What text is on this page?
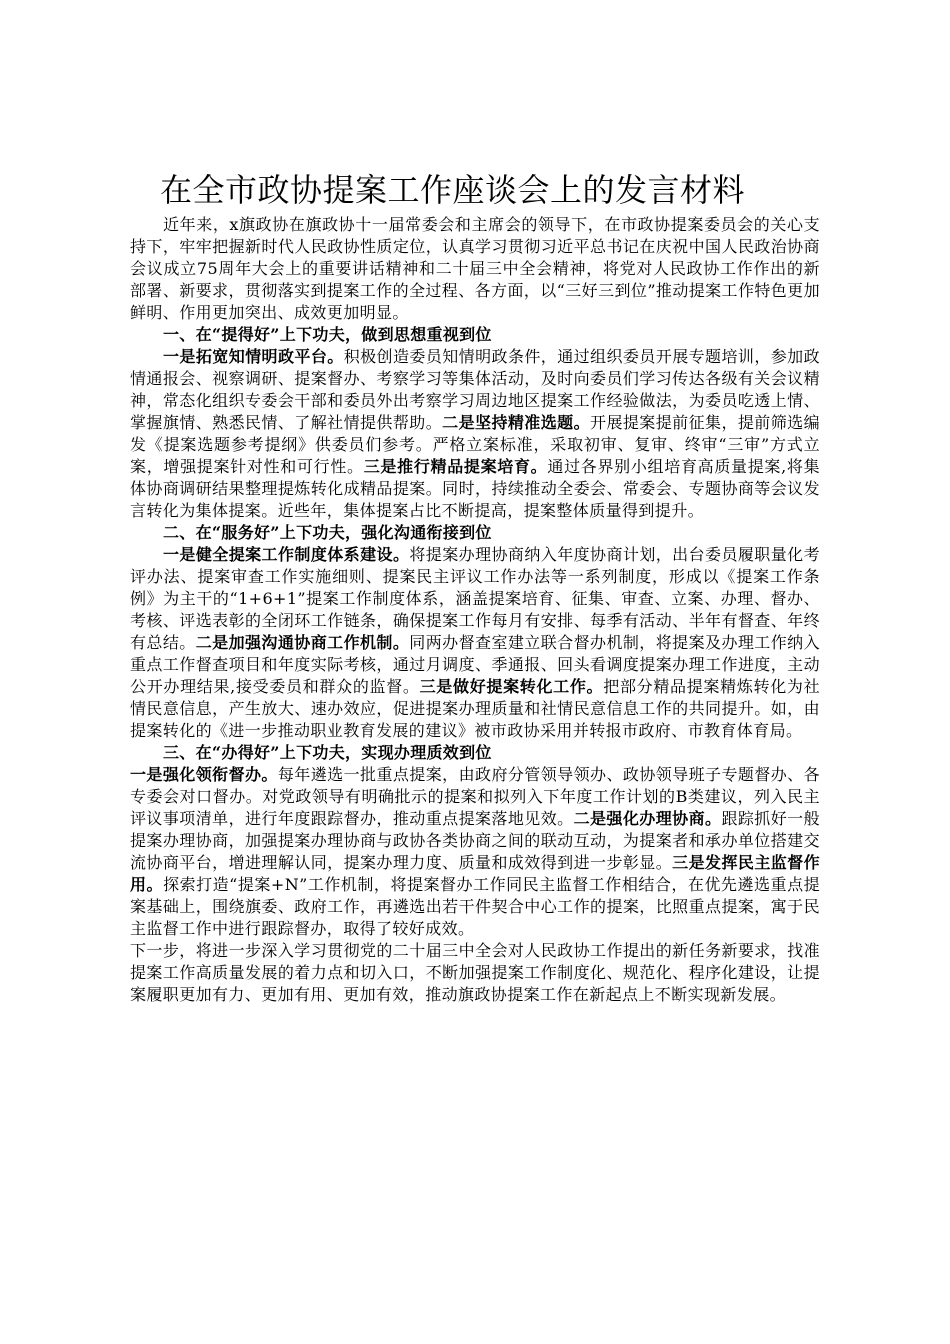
在全市政协提案工作座谈会上的发言材料

近年来，x旗政协在旗政协十一届常委会和主席会的领导下，在市政协提案委员会的关心支持下，牢牢把握新时代人民政协性质定位，认真学习贯彻习近平总书记在庆祝中国人民政治协商会议成立75周年大会上的重要讲话精神和二十届三中全会精神，将党对人民政协工作作出的新部署、新要求，贯彻落实到提案工作的全过程、各方面，以“三好三到位”推动提案工作特色更加鲜明、作用更加突出、成效更加明显。

一、在“提得好”上下功夫，做到思想重视到位

一是拓宽知情明政平台。积极创造委员知情明政条件，通过组织委员开展专题培训，参加政情通报会、视察调研、提案督办、考察学习等集体活动，及时向委员们学习传达各级有关会议精神，常态化组织专委会干部和委员外出考察学习周边地区提案工作经验做法，为委员吃透上情、掌握旗情、熟悉民情、了解社情提供帮助。二是坚持精准选题。开展提案提前征集，提前筛选编发《提案选题参考提纲》供委员们参考。严格立案标准，采取初审、复审、终审“三审”方式立案，增强提案针对性和可行性。三是推行精品提案培育。通过各界别小组培育高质量提案,将集体协商调研结果整理提炼转化成精品提案。同时，持续推动全委会、常委会、专题协商等会议发言转化为集体提案。近些年，集体提案占比不断提高，提案整体质量得到提升。

二、在“服务好”上下功夫，强化沟通衔接到位

一是健全提案工作制度体系建设。将提案办理协商纳入年度协商计划，出台委员履职量化考评办法、提案审查工作实施细则、提案民主评议工作办法等一系列制度，形成以《提案工作条例》为主干的“1+6+1”提案工作制度体系，涵盖提案培育、征集、审查、立案、办理、督办、考核、评选表彰的全闭环工作链条，确保提案工作每月有安排、每季有活动、半年有督查、年终有总结。二是加强沟通协商工作机制。同两办督查室建立联合督办机制，将提案及办理工作纳入重点工作督查项目和年度实际考核，通过月调度、季通报、回头看调度提案办理工作进度，主动公开办理结果,接受委员和群众的监督。三是做好提案转化工作。把部分精品提案精炼转化为社情民意信息，产生放大、速办效应，促进提案办理质量和社情民意信息工作的共同提升。如，由提案转化的《进一步推动职业教育发展的建议》被市政协采用并转报市政府、市教育体育局。

三、在“办得好”上下功夫，实现办理质效到位

一是强化领衔督办。每年遴选一批重点提案，由政府分管领导领办、政协领导班子专题督办、各专委会对口督办。对党政领导有明确批示的提案和拟列入下年度工作计划的B类建议，列入民主评议事项清单，进行年度跟踪督办，推动重点提案落地见效。二是强化办理协商。跟踪抓好一般提案办理协商，加强提案办理协商与政协各类协商之间的联动互动，为提案者和承办单位搭建交流协商平台，增进理解认同，提案办理力度、质量和成效得到进一步彰显。三是发挥民主监督作用。探索打造“提案+N”工作机制，将提案督办工作同民主监督工作相结合，在优先遴选重点提案基础上，围绕旗委、政府工作，再遴选出若干件契合中心工作的提案，比照重点提案，寓于民主监督工作中进行跟踪督办，取得了较好成效。

下一步，将进一步深入学习贯彻党的二十届三中全会对人民政协工作提出的新任务新要求，找准提案工作高质量发展的着力点和切入口，不断加强提案工作制度化、规范化、程序化建设，让提案履职更加有力、更加有用、更加有效，推动旗政协提案工作在新起点上不断实现新发展。
